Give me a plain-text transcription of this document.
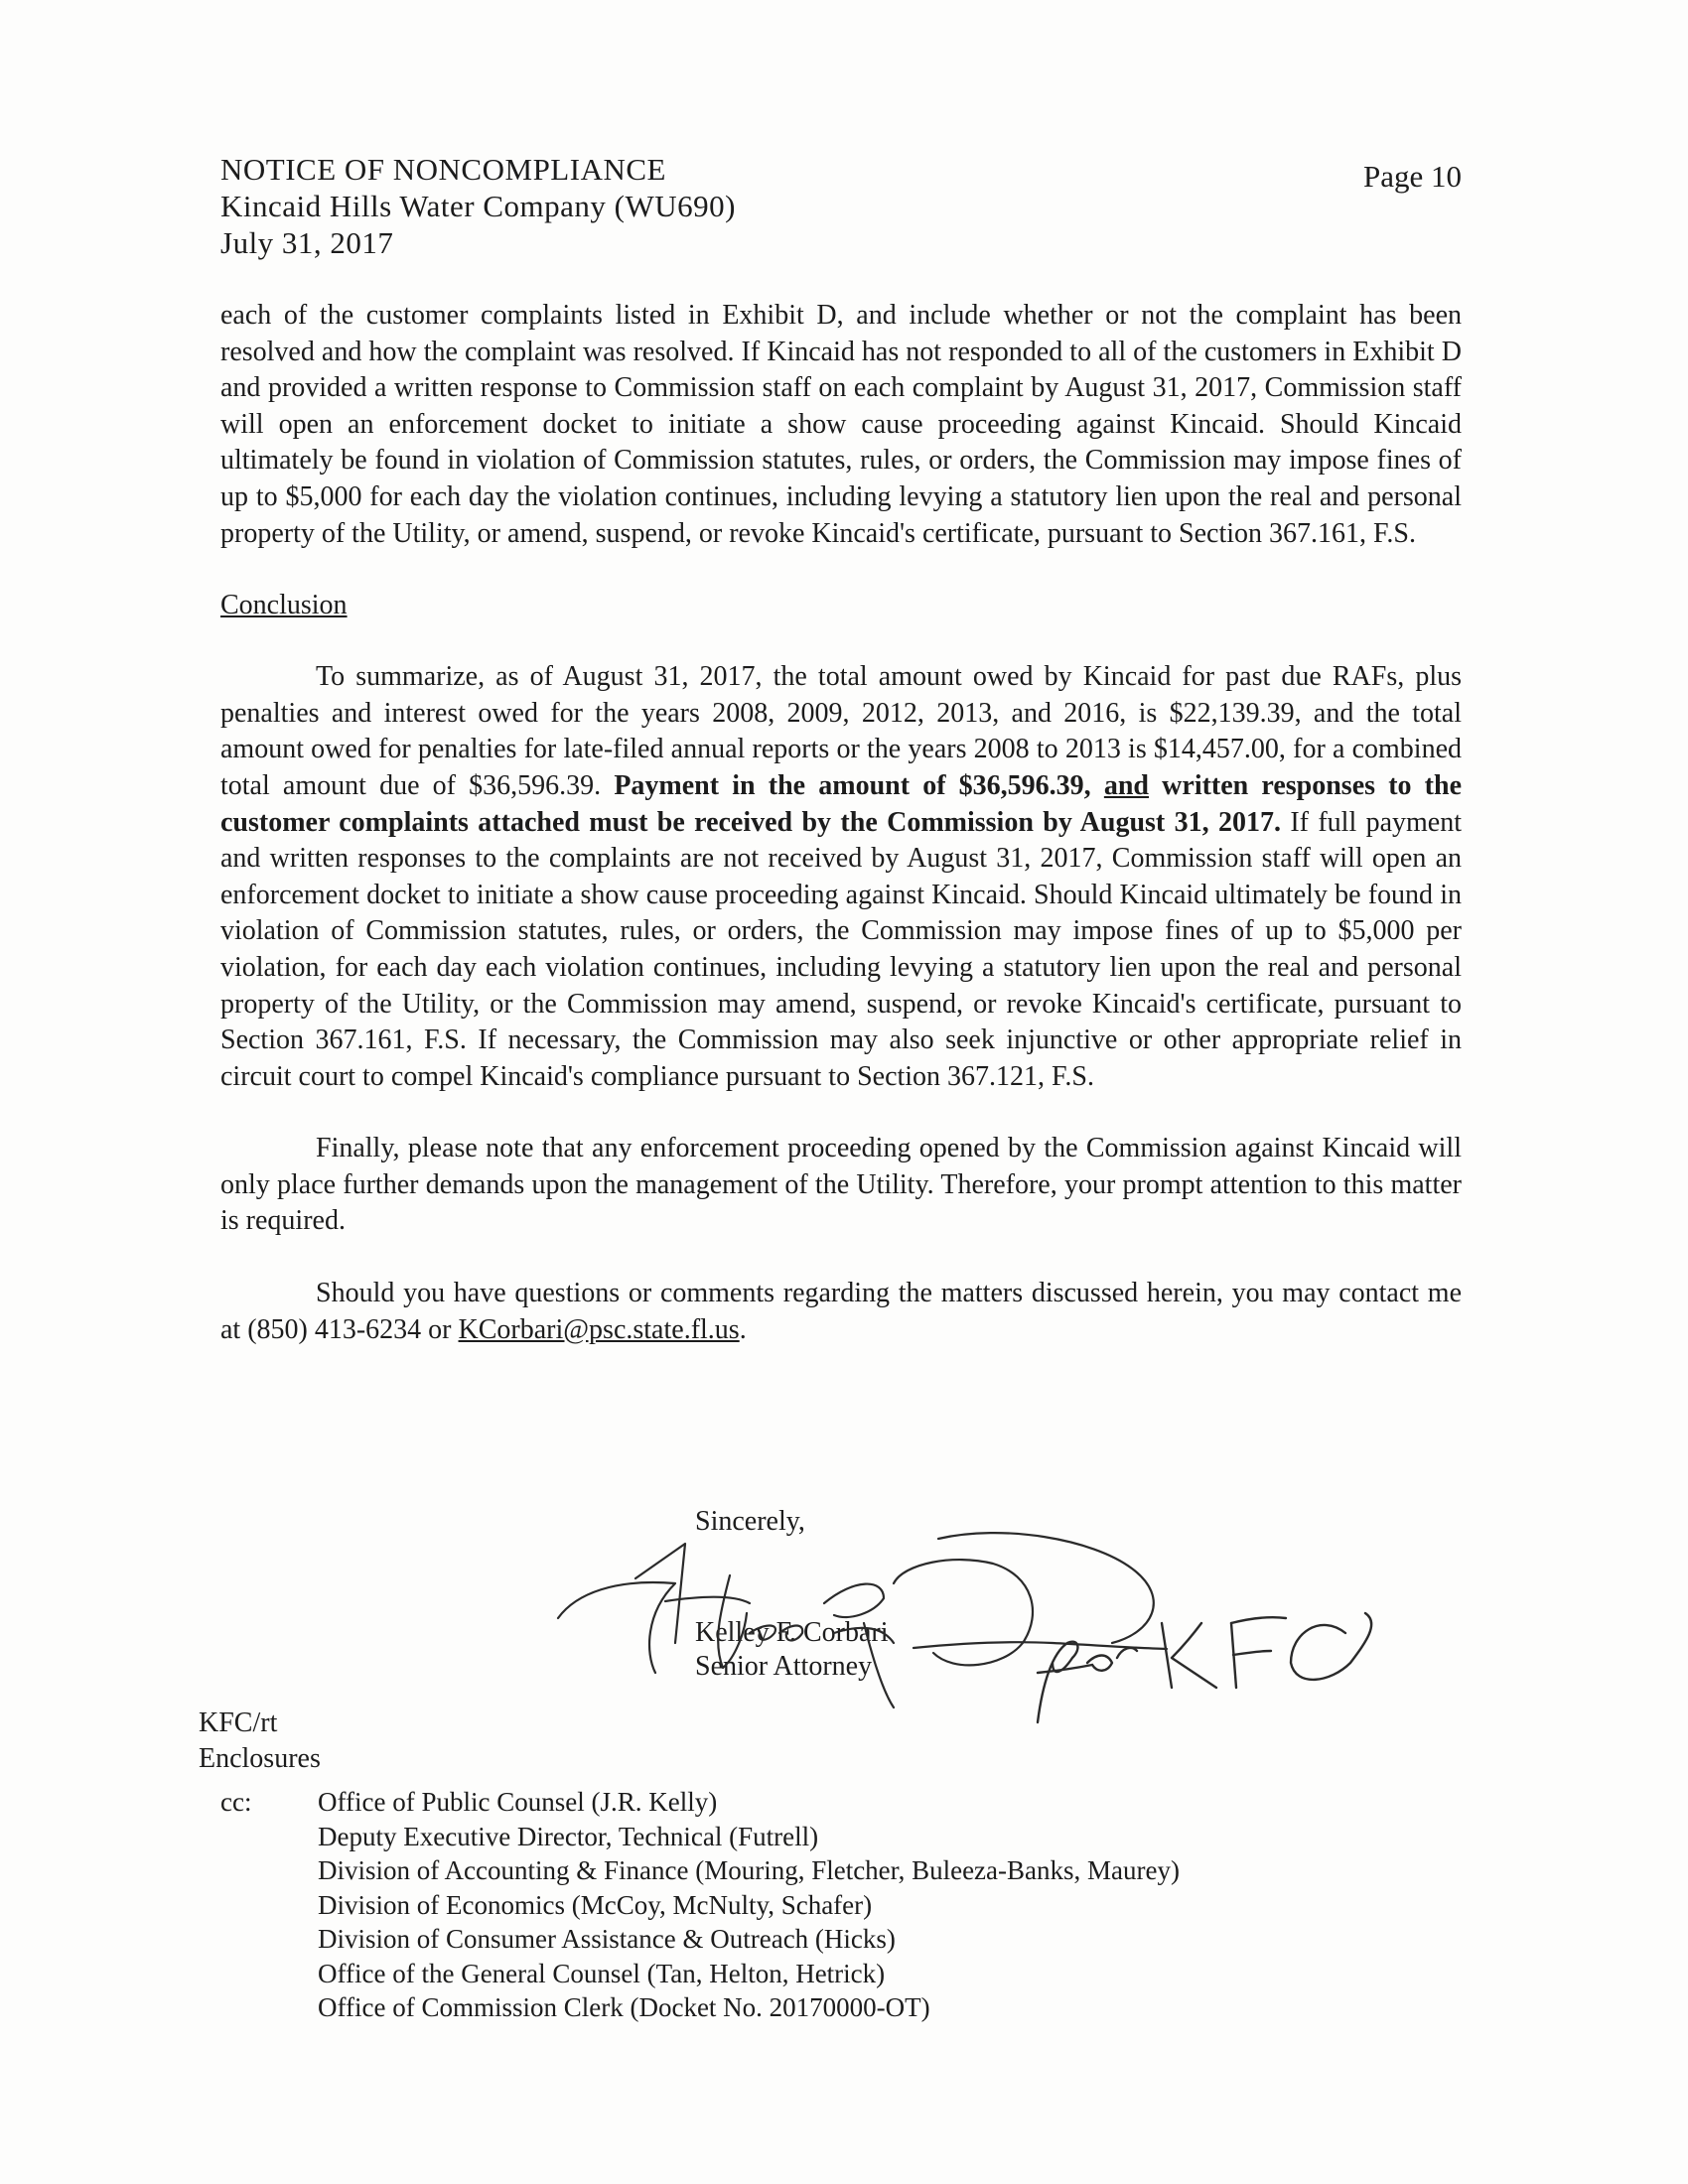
NOTICE OF NONCOMPLIANCE
Kincaid Hills Water Company (WU690)
July 31, 2017
Page 10

each of the customer complaints listed in Exhibit D, and include whether or not the complaint has been resolved and how the complaint was resolved. If Kincaid has not responded to all of the customers in Exhibit D and provided a written response to Commission staff on each complaint by August 31, 2017, Commission staff will open an enforcement docket to initiate a show cause proceeding against Kincaid. Should Kincaid ultimately be found in violation of Commission statutes, rules, or orders, the Commission may impose fines of up to $5,000 for each day the violation continues, including levying a statutory lien upon the real and personal property of the Utility, or amend, suspend, or revoke Kincaid's certificate, pursuant to Section 367.161, F.S.

Conclusion

To summarize, as of August 31, 2017, the total amount owed by Kincaid for past due RAFs, plus penalties and interest owed for the years 2008, 2009, 2012, 2013, and 2016, is $22,139.39, and the total amount owed for penalties for late-filed annual reports or the years 2008 to 2013 is $14,457.00, for a combined total amount due of $36,596.39. Payment in the amount of $36,596.39, and written responses to the customer complaints attached must be received by the Commission by August 31, 2017. If full payment and written responses to the complaints are not received by August 31, 2017, Commission staff will open an enforcement docket to initiate a show cause proceeding against Kincaid. Should Kincaid ultimately be found in violation of Commission statutes, rules, or orders, the Commission may impose fines of up to $5,000 per violation, for each day each violation continues, including levying a statutory lien upon the real and personal property of the Utility, or the Commission may amend, suspend, or revoke Kincaid's certificate, pursuant to Section 367.161, F.S. If necessary, the Commission may also seek injunctive or other appropriate relief in circuit court to compel Kincaid's compliance pursuant to Section 367.121, F.S.

Finally, please note that any enforcement proceeding opened by the Commission against Kincaid will only place further demands upon the management of the Utility. Therefore, your prompt attention to this matter is required.

Should you have questions or comments regarding the matters discussed herein, you may contact me at (850) 413-6234 or KCorbari@psc.state.fl.us.

Sincerely,
Kelley F. Corbari
Senior Attorney
KFC/rt
Enclosures
cc: Office of Public Counsel (J.R. Kelly)
Deputy Executive Director, Technical (Futrell)
Division of Accounting & Finance (Mouring, Fletcher, Buleeza-Banks, Maurey)
Division of Economics (McCoy, McNulty, Schafer)
Division of Consumer Assistance & Outreach (Hicks)
Office of the General Counsel (Tan, Helton, Hetrick)
Office of Commission Clerk (Docket No. 20170000-OT)
